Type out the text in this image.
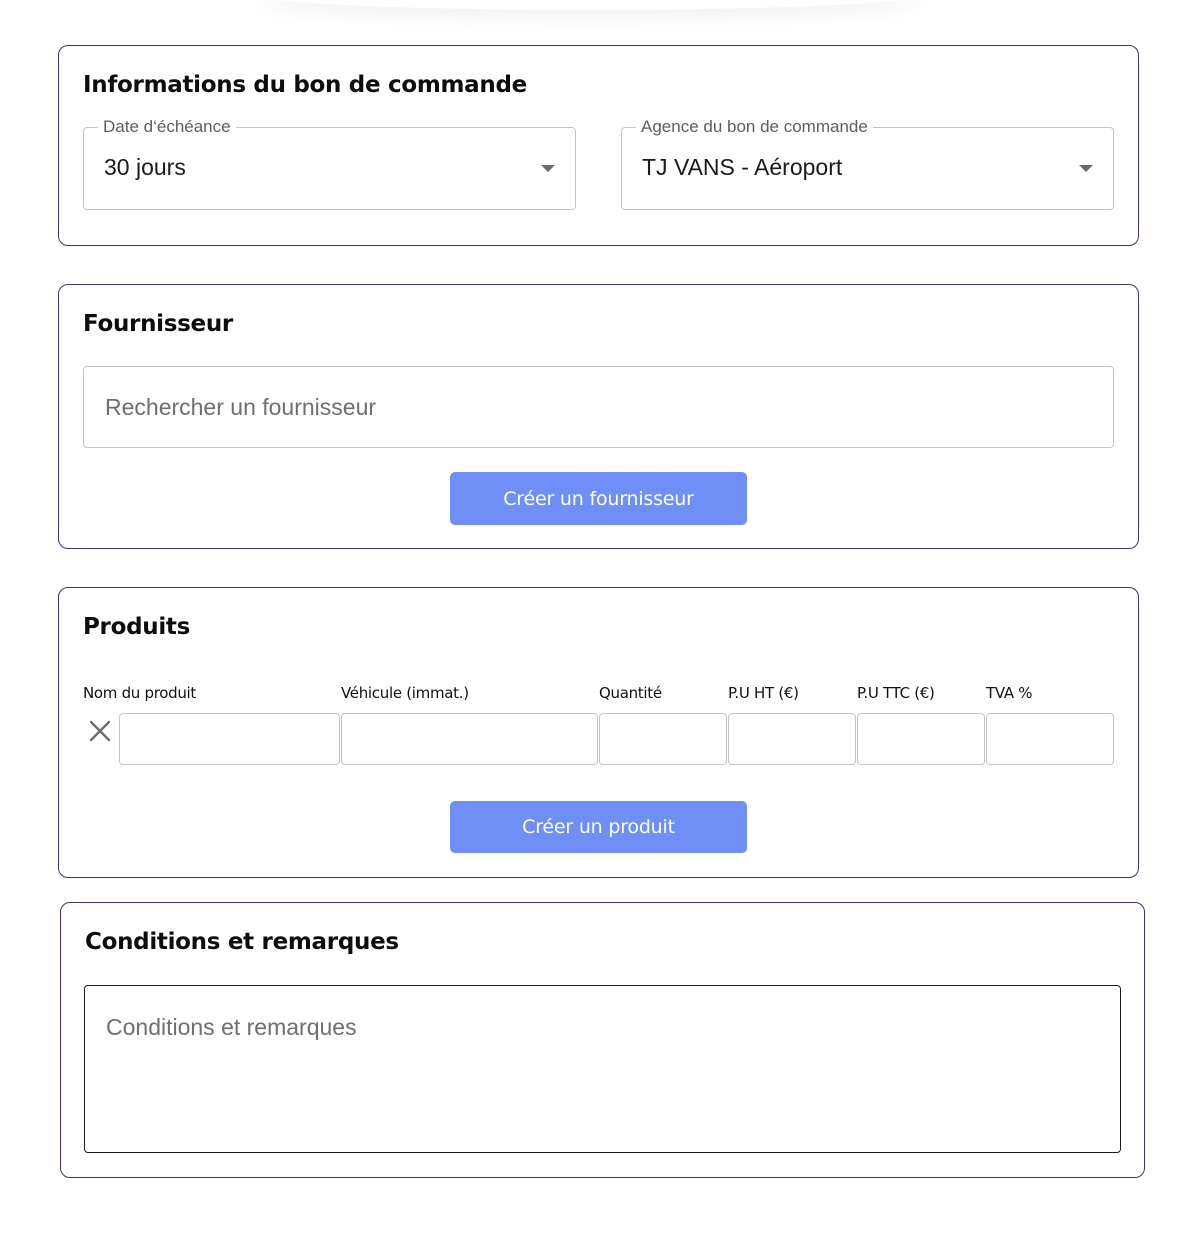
Informations du bon de commande
Date d‘échéance
30 jours
Agence du bon de commande
TJ VANS - Aéroport
Fournisseur
Rechercher un fournisseur
Créer un fournisseur
Produits
Nom du produit	Véhicule (immat.)	Quantité	P.U HT (€)	P.U TTC (€)	TVA %
Créer un produit
Conditions et remarques
Conditions et remarques
